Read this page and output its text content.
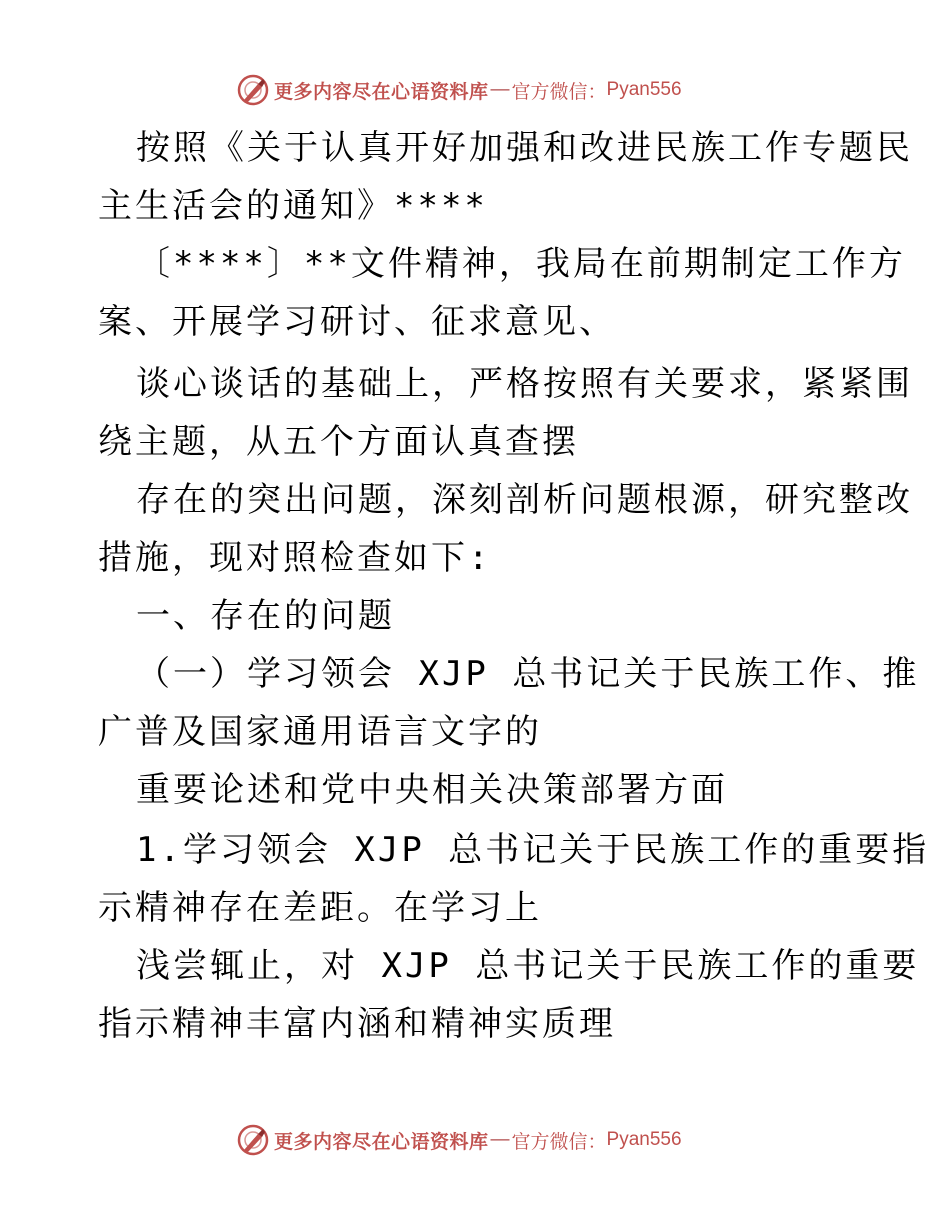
更多内容尽在心语资料库 — 官方微信： Pyan556
按照《关于认真开好加强和改进民族工作专题民
主生活会的通知》****
〔****〕**文件精神，我局在前期制定工作方
案、开展学习研讨、征求意见、
谈心谈话的基础上，严格按照有关要求，紧紧围
绕主题，从五个方面认真查摆
存在的突出问题，深刻剖析问题根源，研究整改
措施，现对照检查如下:
一、存在的问题
（一）学习领会 XJP 总书记关于民族工作、推
广普及国家通用语言文字的
重要论述和党中央相关决策部署方面
1.学习领会 XJP 总书记关于民族工作的重要指
示精神存在差距。在学习上
浅尝辄止，对 XJP 总书记关于民族工作的重要
指示精神丰富内涵和精神实质理
更多内容尽在心语资料库 — 官方微信： Pyan556
